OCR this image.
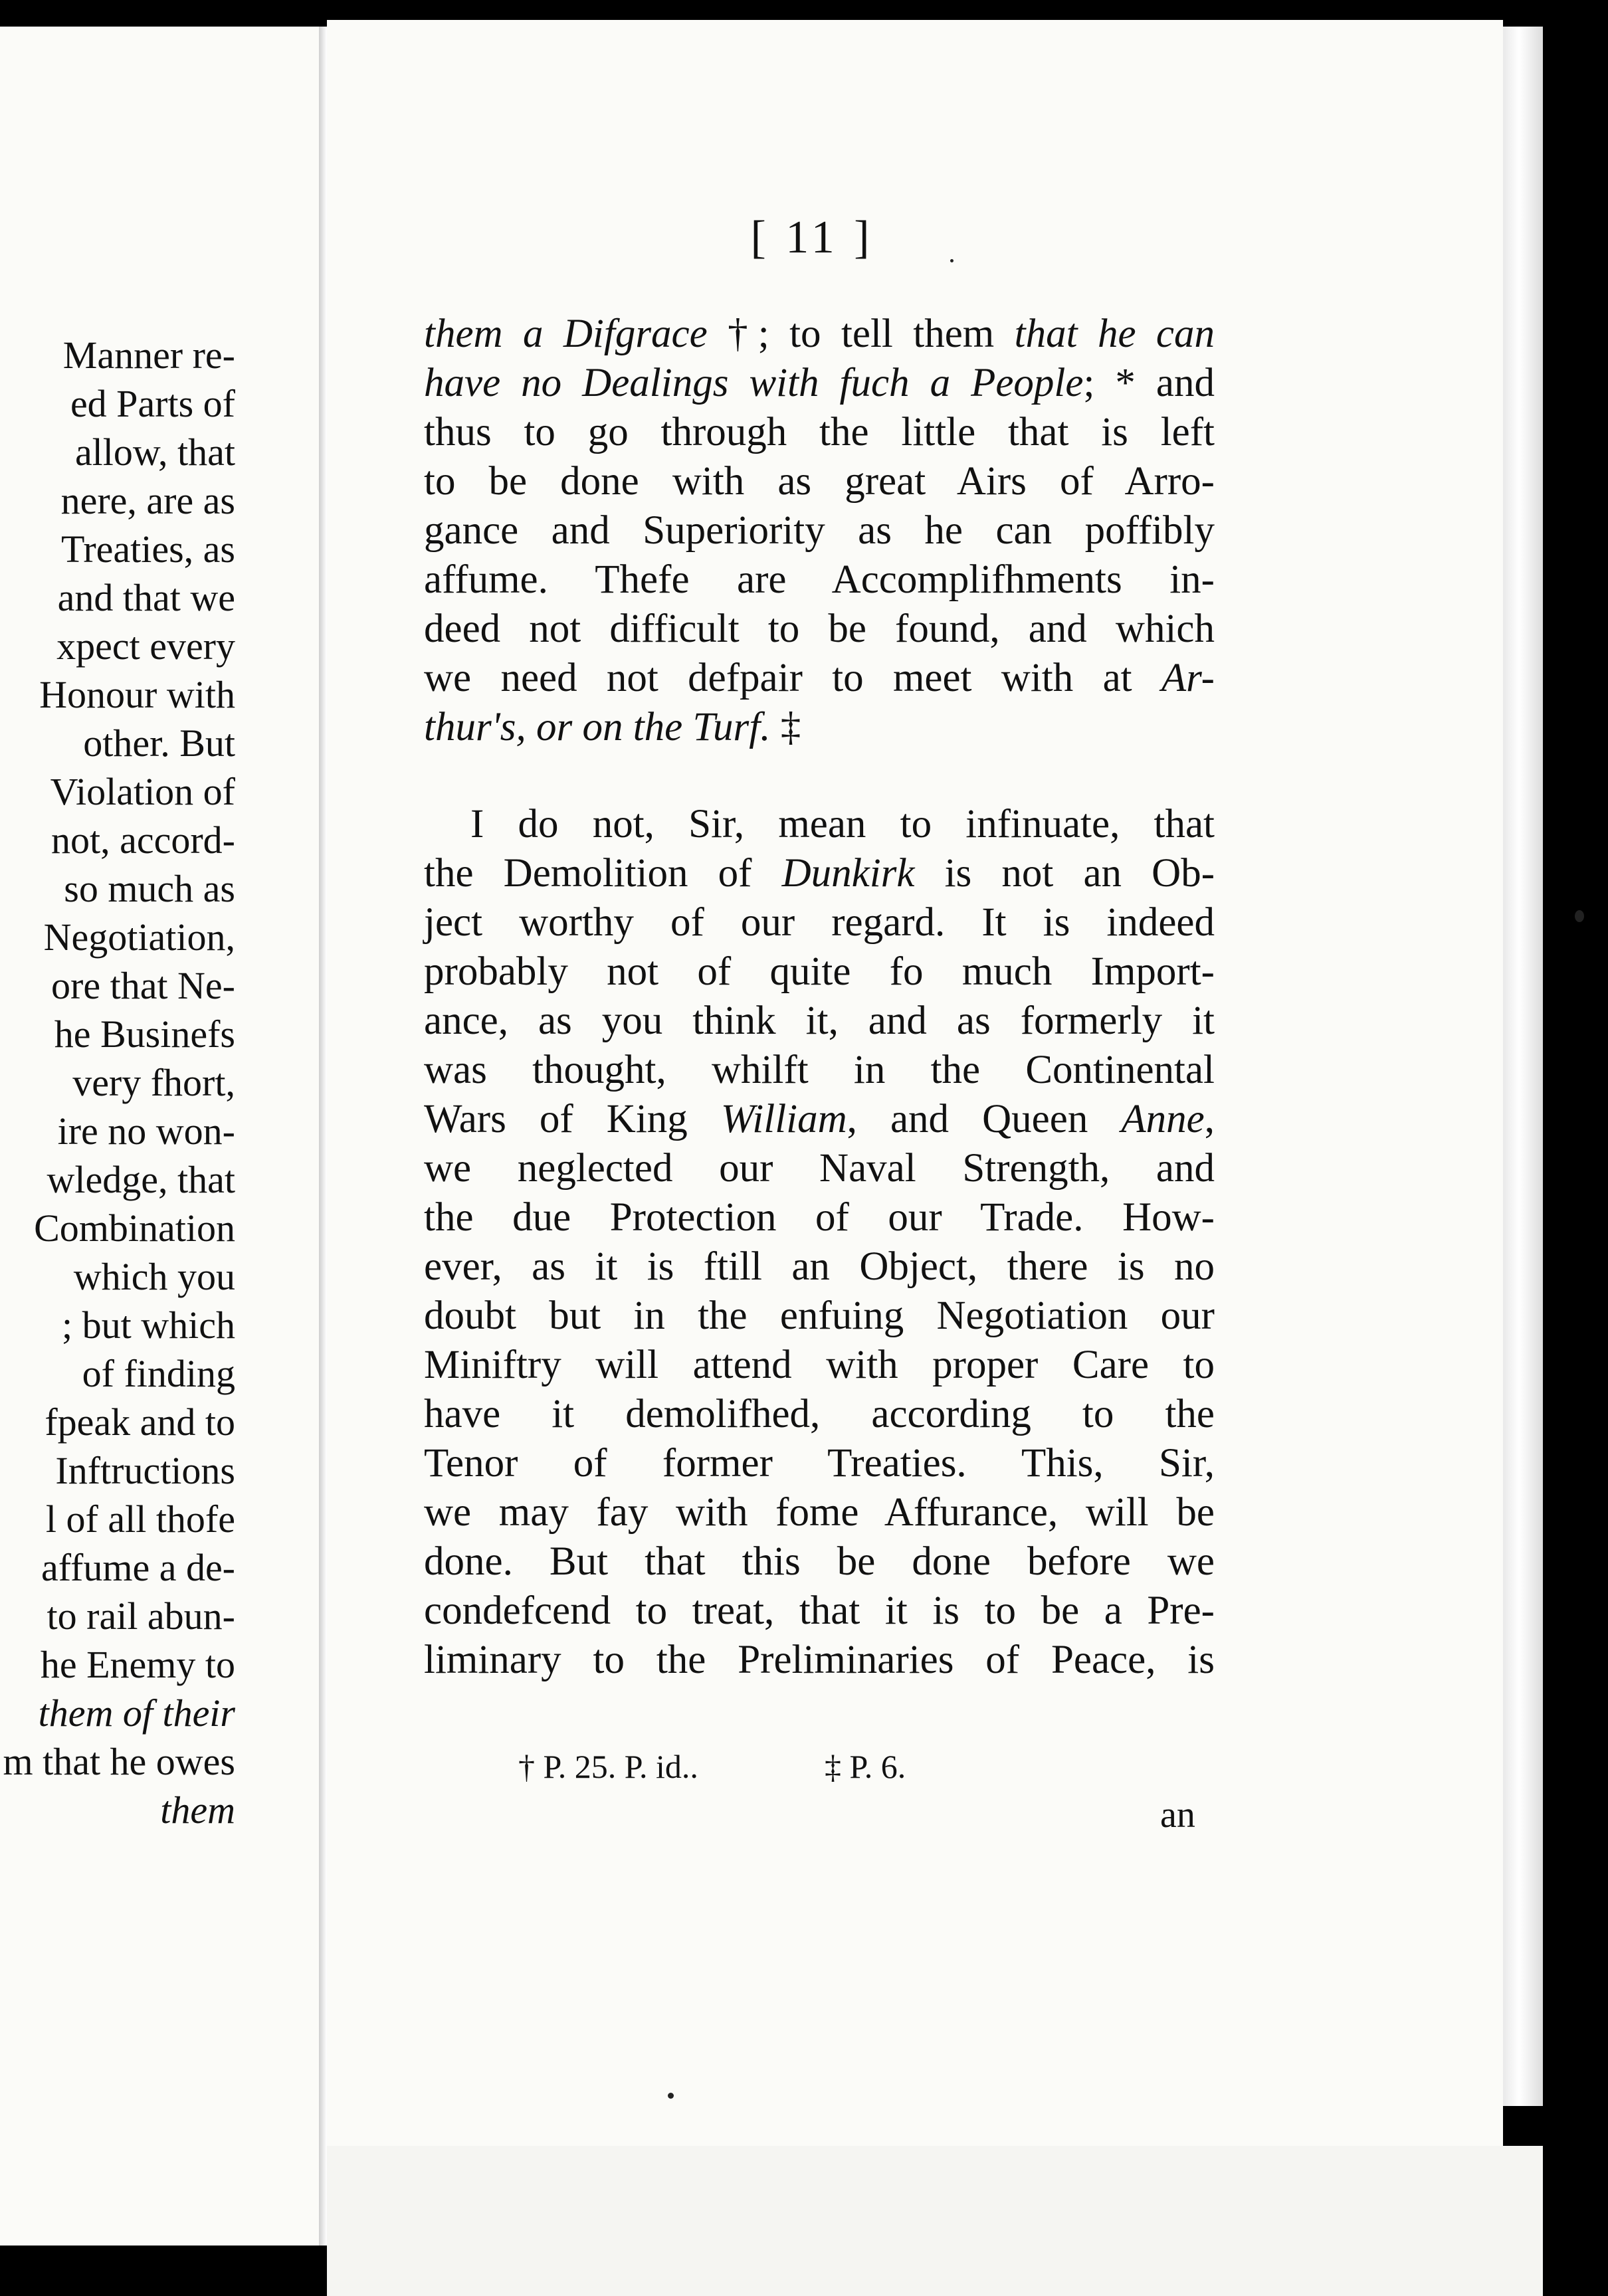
Manner re-
ed Parts of
allow, that
nere, are as
Treaties, as
and that we
xpect every
Honour with
other. But
Violation of
not, accord-
so much as
Negotiation,
ore that Ne-
he Businefs
very fhort,
ire no won-
wledge, that
Combination
which you
; but which
of finding
fpeak and to
Inftructions
l of all thofe
affume a de-
to rail abun-
he Enemy to
them of their
m that he owes
them
[ 11 ]
them a Difgrace †; to tell them that he can
have no Dealings with fuch a People; * and
thus to go through the little that is left
to be done with as great Airs of Arro-
gance and Superiority as he can poffibly
affume. Thefe are Accomplifhments in-
deed not difficult to be found, and which
we need not defpair to meet with at Ar-
thur's, or on the Turf. ‡
I do not, Sir, mean to infinuate, that
the Demolition of Dunkirk is not an Ob-
ject worthy of our regard. It is indeed
probably not of quite fo much Import-
ance, as you think it, and as formerly it
was thought, whilft in the Continental
Wars of King William, and Queen Anne,
we neglected our Naval Strength, and
the due Protection of our Trade. How-
ever, as it is ftill an Object, there is no
doubt but in the enfuing Negotiation our
Miniftry will attend with proper Care to
have it demolifhed, according to the
Tenor of former Treaties. This, Sir,
we may fay with fome Affurance, will be
done. But that this be done before we
condefcend to treat, that it is to be a Pre-
liminary to the Preliminaries of Peace, is
† P. 25. P. id..	‡ P. 6.
an
